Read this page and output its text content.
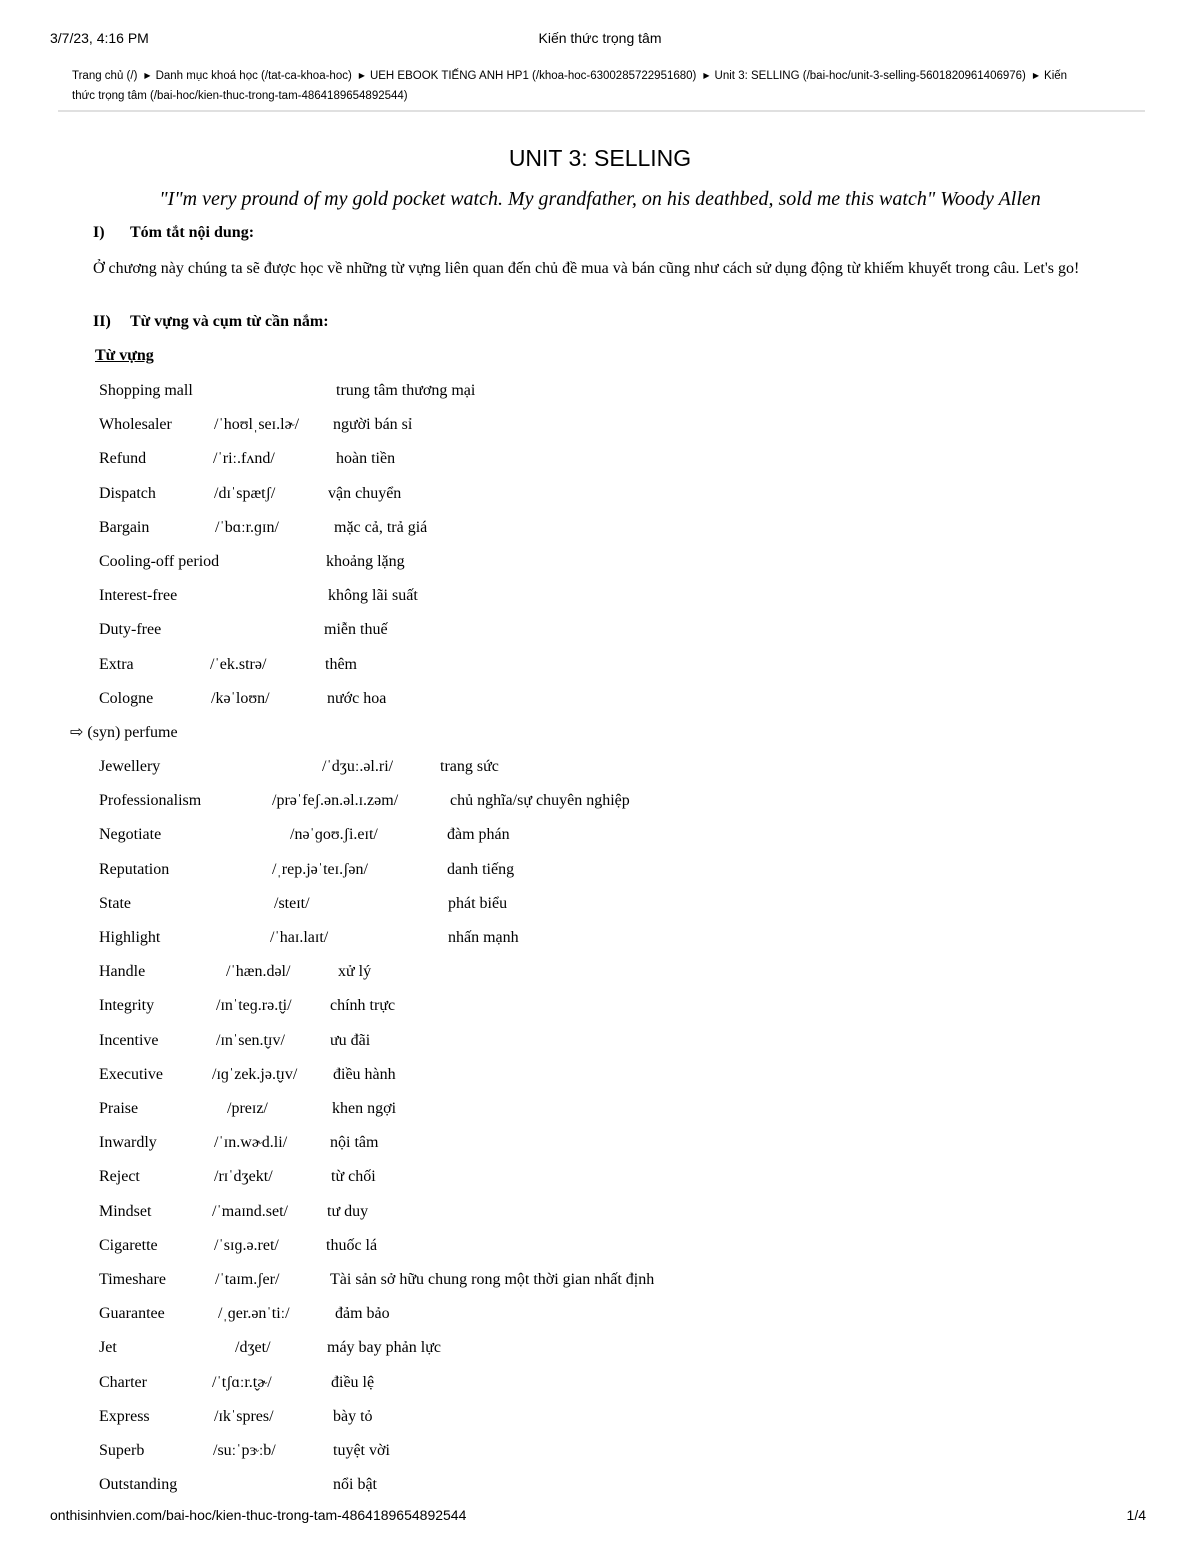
3/7/23, 4:16 PM	Kiến thức trọng tâm
Trang chủ (/) ▶ Danh mục khoá học (/tat-ca-khoa-hoc) ▶ UEH EBOOK TIẾNG ANH HP1 (/khoa-hoc-6300285722951680) ▶ Unit 3: SELLING (/bai-hoc/unit-3-selling-5601820961406976) ▶ Kiến thức trọng tâm (/bai-hoc/kien-thuc-trong-tam-4864189654892544)
UNIT 3: SELLING
"I"m very pround of my gold pocket watch. My grandfather, on his deathbed, sold me this watch" Woody Allen
I) Tóm tắt nội dung:
Ở chương này chúng ta sẽ được học về những từ vựng liên quan đến chủ đề mua và bán cũng như cách sử dụng động từ khiếm khuyết trong câu. Let's go!
II) Từ vựng và cụm từ cần nắm:
Từ vựng
Shopping mall	trung tâm thương mại
Wholesaler	/ˈhoʊlˌseɪ.lɚ/ người bán sỉ
Refund	/ˈriː.fʌnd/	hoàn tiền
Dispatch	/dɪˈspætʃ/	vận chuyển
Bargain	/ˈbɑːr.ɡɪn/	mặc cả, trả giá
Cooling-off period	khoảng lặng
Interest-free	không lãi suất
Duty-free	miễn thuế
Extra	/ˈek.strə/	thêm
Cologne	/kəˈloʊn/	nước hoa
⇨ (syn) perfume
Jewellery	/ˈdʒuː.əl.ri/	trang sức
Professionalism	/prəˈfeʃ.ən.əl.ɪ.zəm/	chủ nghĩa/sự chuyên nghiệp
Negotiate	/nəˈɡoʊ.ʃi.eɪt/	đàm phán
Reputation	/ˌrep.jəˈteɪ.ʃən/	danh tiếng
State	/steɪt/	phát biểu
Highlight	/ˈhaɪ.laɪt/	nhấn mạnh
Handle	/ˈhæn.dəl/	xử lý
Integrity	/ɪnˈteɡ.rə.t̬i/ chính trực
Incentive	/ɪnˈsen.t̬ɪv/	ưu đãi
Executive	/ɪɡˈzek.jə.t̬ɪv/ điều hành
Praise	/preɪz/	khen ngợi
Inwardly	/ˈɪn.wɚd.li/	nội tâm
Reject	/rɪˈdʒekt/	từ chối
Mindset	/ˈmaɪnd.set/ tư duy
Cigarette	/ˈsɪɡ.ə.ret/	thuốc lá
Timeshare	/ˈtaɪm.ʃer/	Tài sản sở hữu chung rong một thời gian nhất định
Guarantee	/ˌɡer.ənˈtiː/	đảm bảo
Jet	/dʒet/	máy bay phản lực
Charter	/ˈtʃɑːr.t̬ɚ/	điều lệ
Express	/ɪkˈspres/	bày tỏ
Superb	/suːˈpɝːb/	tuyệt vời
Outstanding	nổi bật
onthisinhvien.com/bai-hoc/kien-thuc-trong-tam-4864189654892544	1/4
